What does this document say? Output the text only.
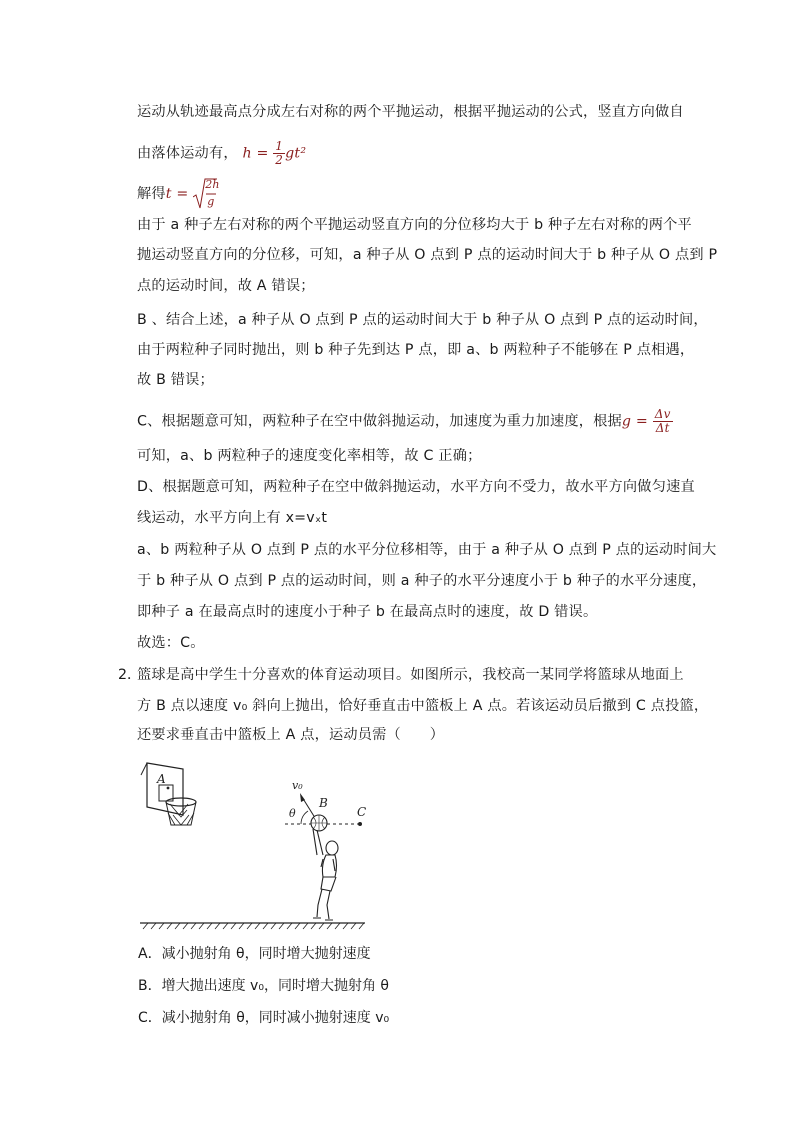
运动从轨迹最高点分成左右对称的两个平抛运动，根据平抛运动的公式，竖直方向做自
由落体运动有， $h = \frac{1}{2} gt^2$
解得t =
2h
g
由于 a 种子左右对称的两个平抛运动竖直方向的分位移均大于 b 种子左右对称的两个平
抛运动竖直方向的分位移，可知，a 种子从 O 点到 P 点的运动时间大于 b 种子从 O 点到 P
点的运动时间，故 A 错误；
B 、结合上述，a 种子从 O 点到 P 点的运动时间大于 b 种子从 O 点到 P 点的运动时间，
由于两粒种子同时抛出，则 b 种子先到达 P 点，即 a、b 两粒种子不能够在 P 点相遇，
故 B 错误；
C、根据题意可知，两粒种子在空中做斜抛运动，加速度为重力加速度，根据$g = \frac{\Delta v}{\Delta t}$
可知，a、b 两粒种子的速度变化率相等，故 C 正确；
D、根据题意可知，两粒种子在空中做斜抛运动，水平方向不受力，故水平方向做匀速直
线运动，水平方向上有 x=vₓt
a、b 两粒种子从 O 点到 P 点的水平分位移相等，由于 a 种子从 O 点到 P 点的运动时间大
于 b 种子从 O 点到 P 点的运动时间，则 a 种子的水平分速度小于 b 种子的水平分速度，
即种子 a 在最高点时的速度小于种子 b 在最高点时的速度，故 D 错误。
故选：C。
2．
篮球是高中学生十分喜欢的体育运动项目。如图所示，我校高一某同学将篮球从地面上
方 B 点以速度 v₀ 斜向上抛出，恰好垂直击中篮板上 A 点。若该运动员后撤到 C 点投篮，
还要求垂直击中篮板上 A 点，运动员需（　　）
A
C
v₀
θ
B
A．减小抛射角 θ，同时增大抛射速度
B．增大抛出速度 v₀，同时增大抛射角 θ
C．减小抛射角 θ，同时减小抛射速度 v₀
